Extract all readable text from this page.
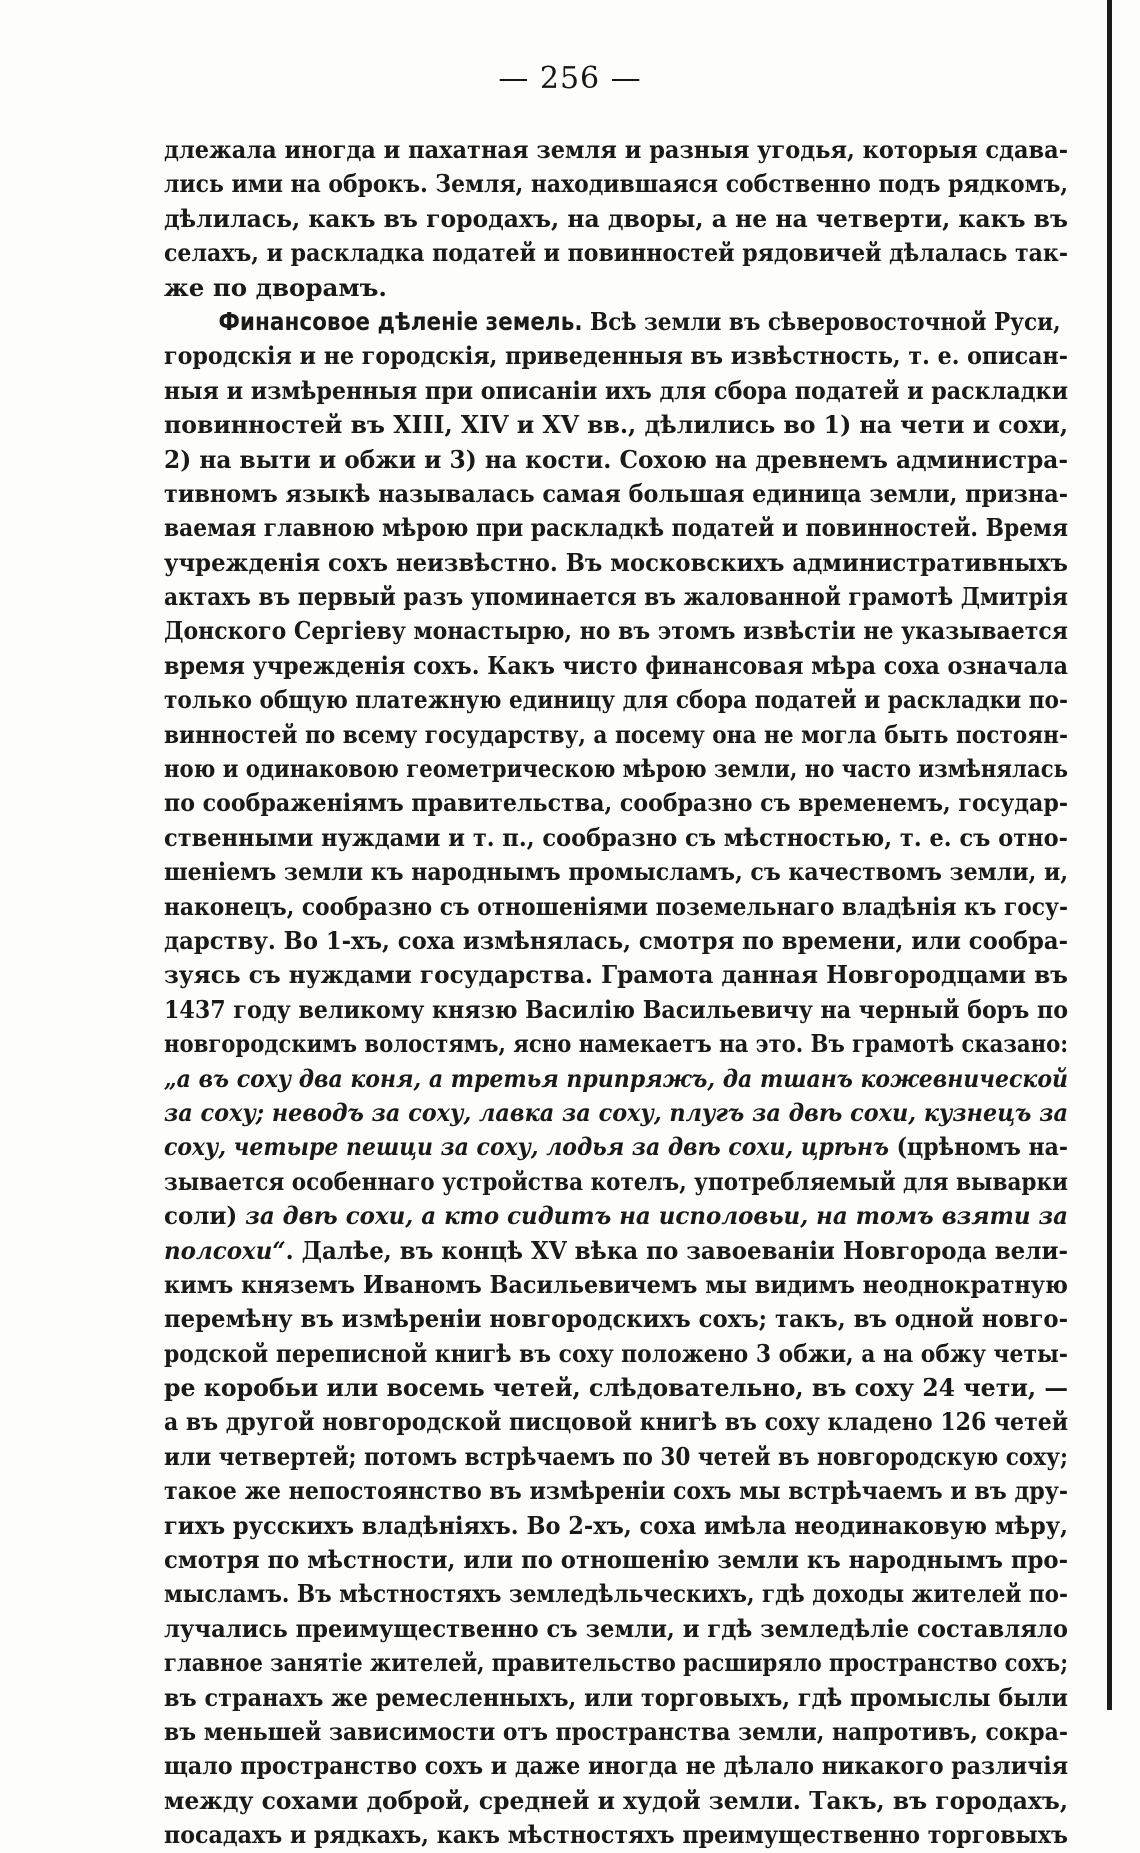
— 256 —
длежала иногда и пахатная земля и разныя угодья, которыя сдава-
лись ими на оброкъ. Земля, находившаяся собственно подъ рядкомъ,
дѣлилась, какъ въ городахъ, на дворы, а не на четверти, какъ въ
селахъ, и раскладка податей и повинностей рядовичей дѣлалась так-
же по дворамъ.
Финансовое дѣленіе земель. Всѣ земли въ сѣверовосточной Руси,
городскія и не городскія, приведенныя въ извѣстность, т. е. описан-
ныя и измѣренныя при описаніи ихъ для сбора податей и раскладки
повинностей въ XIII, XIV и XV вв., дѣлились во 1) на чети и сохи,
2) на выти и обжи и 3) на кости. Сохою на древнемъ администра-
тивномъ языкѣ называлась самая большая единица земли, признa-
ваемая главною мѣрою при раскладкѣ податей и повинностей. Время
учрежденія сохъ неизвѣстно. Въ московскихъ административныхъ
актахъ въ первый разъ упоминается въ жалованной грамотѣ Дмитрія
Донского Сергіеву монастырю, но въ этомъ извѣстіи не указывается
время учрежденія сохъ. Какъ чисто финансовая мѣра соха означала
только общую платежную единицу для сбора податей и раскладки по-
винностей по всему государству, а посему она не могла быть постоян-
ною и одинаковою геометрическою мѣрою земли, но часто измѣнялась
по соображеніямъ правительства, сообразно съ временемъ, государ-
ственными нуждами и т. п., сообразно съ мѣстностью, т. е. съ отно-
шеніемъ земли къ народнымъ промысламъ, съ качествомъ земли, и,
наконецъ, сообразно съ отношеніями поземельнаго владѣнія къ госу-
дарству. Во 1-хъ, соха измѣнялась, смотря по времени, или сообра-
зуясь съ нуждами государства. Грамота данная Новгородцами въ
1437 году великому князю Василію Васильевичу на черный боръ по
новгородскимъ волостямъ, ясно намекаетъ на это. Въ грамотѣ сказано:
„а въ соху два коня, а третья припряжъ, да тшанъ кожевнической
за соху; неводъ за соху, лавка за соху, плугъ за двѣ сохи, кузнецъ за
соху, четыре пешци за соху, лодья за двѣ сохи, црѣнъ (црѣномъ на-
зывается особеннаго устройства котелъ, употребляемый для выварки
соли) за двѣ сохи, а кто сидитъ на исполовьи, на томъ взяти за
полсохи“. Далѣе, въ концѣ XV вѣка по завоеваніи Новгорода вели-
кимъ княземъ Иваномъ Васильевичемъ мы видимъ неоднократную
перемѣну въ измѣреніи новгородскихъ сохъ; такъ, въ одной новго-
родской переписной книгѣ въ соху положено 3 обжи, а на обжу четы-
ре коробьи или восемь четей, слѣдовательно, въ соху 24 чети, —
а въ другой новгородской писцовой книгѣ въ соху кладено 126 четей
или четвертей; потомъ встрѣчаемъ по 30 четей въ новгородскую соху;
такое же непостоянство въ измѣреніи сохъ мы встрѣчаемъ и въ дру-
гихъ русскихъ владѣніяхъ. Во 2-хъ, соха имѣла неодинаковую мѣру,
смотря по мѣстности, или по отношенію земли къ народнымъ про-
мысламъ. Въ мѣстностяхъ земледѣльческихъ, гдѣ доходы жителей по-
лучались преимущественно съ земли, и гдѣ земледѣліе составляло
главное занятіе жителей, правительство расширяло пространство сохъ;
въ странахъ же ремесленныхъ, или торговыхъ, гдѣ промыслы были
въ меньшей зависимости отъ пространства земли, напротивъ, сокра-
щало пространство сохъ и даже иногда не дѣлало никакого различія
между сохами доброй, средней и худой земли. Такъ, въ городахъ,
посадахъ и рядкахъ, какъ мѣстностяхъ преимущественно торговыхъ
